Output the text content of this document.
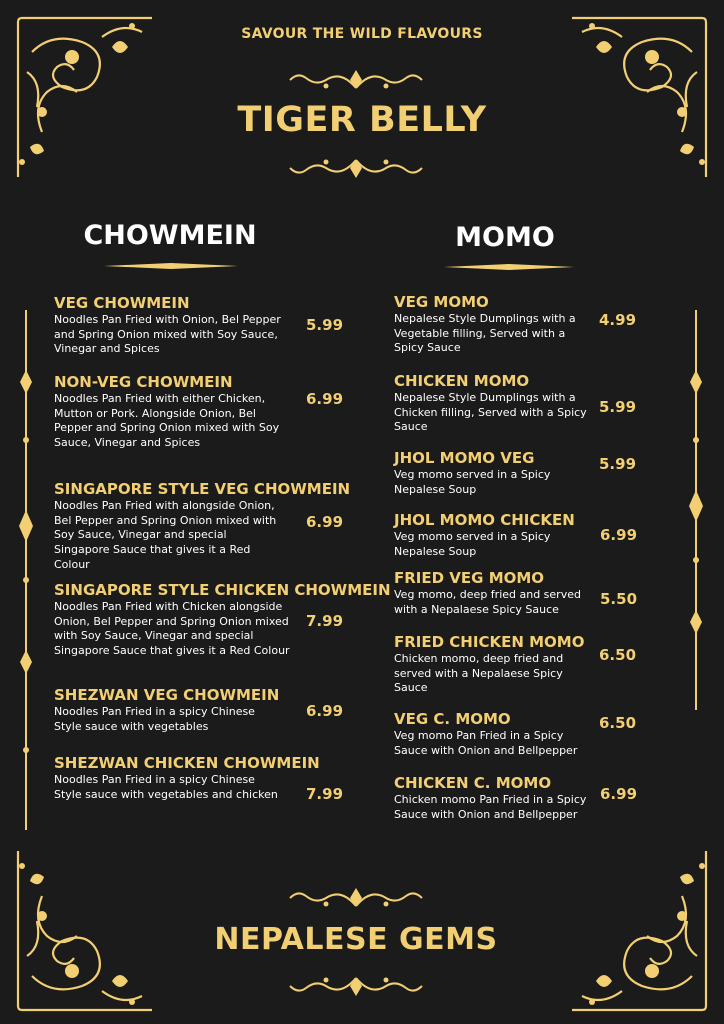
SAVOUR THE WILD FLAVOURS
TIGER BELLY
CHOWMEIN	MOMO
VEG CHOWMEIN
Noodles Pan Fried with Onion, Bel Pepper and Spring Onion mixed with Soy Sauce, Vinegar and Spices
5.99
NON-VEG CHOWMEIN
Noodles Pan Fried with either Chicken, Mutton or Pork. Alongside Onion, Bel Pepper and Spring Onion mixed with Soy Sauce, Vinegar and Spices
6.99
SINGAPORE STYLE VEG CHOWMEIN
Noodles Pan Fried with alongside Onion, Bel Pepper and Spring Onion mixed with Soy Sauce, Vinegar and special Singapore Sauce that gives it a Red Colour
6.99
SINGAPORE STYLE CHICKEN CHOWMEIN
Noodles Pan Fried with Chicken alongside Onion, Bel Pepper and Spring Onion mixed with Soy Sauce, Vinegar and special Singapore Sauce that gives it a Red Colour
7.99
SHEZWAN VEG CHOWMEIN
Noodles Pan Fried in a spicy Chinese Style sauce with vegetables
6.99
SHEZWAN CHICKEN CHOWMEIN
Noodles Pan Fried in a spicy Chinese Style sauce with vegetables and chicken	7.99
VEG MOMO
Nepalese Style Dumplings with a Vegetable filling, Served with a Spicy Sauce
4.99
CHICKEN MOMO
Nepalese Style Dumplings with a Chicken filling, Served with a Spicy Sauce
5.99
JHOL MOMO VEG
Veg momo served in a Spicy Nepalese Soup
5.99
JHOL MOMO CHICKEN
Veg momo served in a Spicy Nepalese Soup
6.99
FRIED VEG MOMO
Veg momo, deep fried and served with a Nepalaese Spicy Sauce
5.50
FRIED CHICKEN MOMO
Chicken momo, deep fried and served with a Nepalaese Spicy Sauce
6.50
VEG C. MOMO
Veg momo Pan Fried in a Spicy Sauce with Onion and Bellpepper
6.50
CHICKEN C. MOMO
Chicken momo Pan Fried in a Spicy Sauce with Onion and Bellpepper
6.99
NEPALESE GEMS
